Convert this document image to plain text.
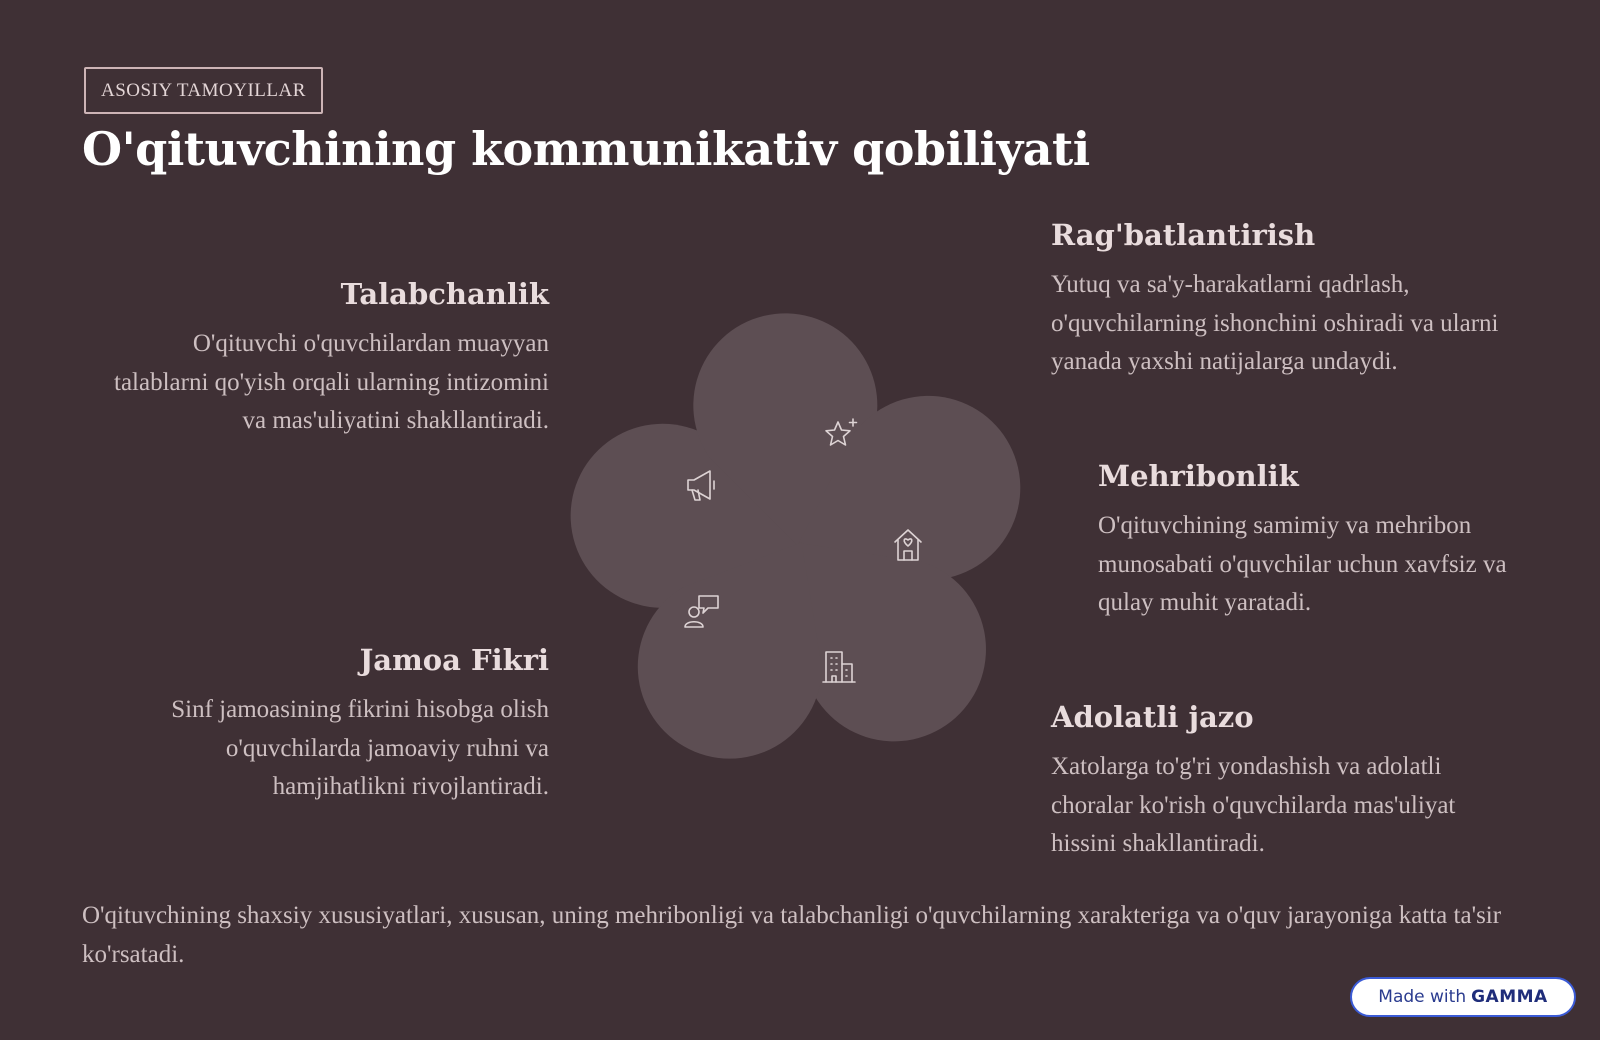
ASOSIY TAMOYILLAR
O'qituvchining kommunikativ qobiliyati
Talabchanlik

O'qituvchi o'quvchilardan muayyan talablarni qo'yish orqali ularning intizomini va mas'uliyatini shakllantiradi.

Jamoa Fikri

Sinf jamoasining fikrini hisobga olish o'quvchilarda jamoaviy ruhni va hamjihatlikni rivojlantiradi.

Rag'batlantirish

Yutuq va sa'y-harakatlarni qadrlash, o'quvchilarning ishonchini oshiradi va ularni yanada yaxshi natijalarga undaydi.

Mehribonlik

O'qituvchining samimiy va mehribon munosabati o'quvchilar uchun xavfsiz va qulay muhit yaratadi.

Adolatli jazo

Xatolarga to'g'ri yondashish va adolatli choralar ko'rish o'quvchilarda mas'uliyat hissini shakllantiradi.

O'qituvchining shaxsiy xususiyatlari, xususan, uning mehribonligi va talabchanligi o'quvchilarning xarakteriga va o'quv jarayoniga katta ta'sir ko'rsatadi.

Made with GAMMA
